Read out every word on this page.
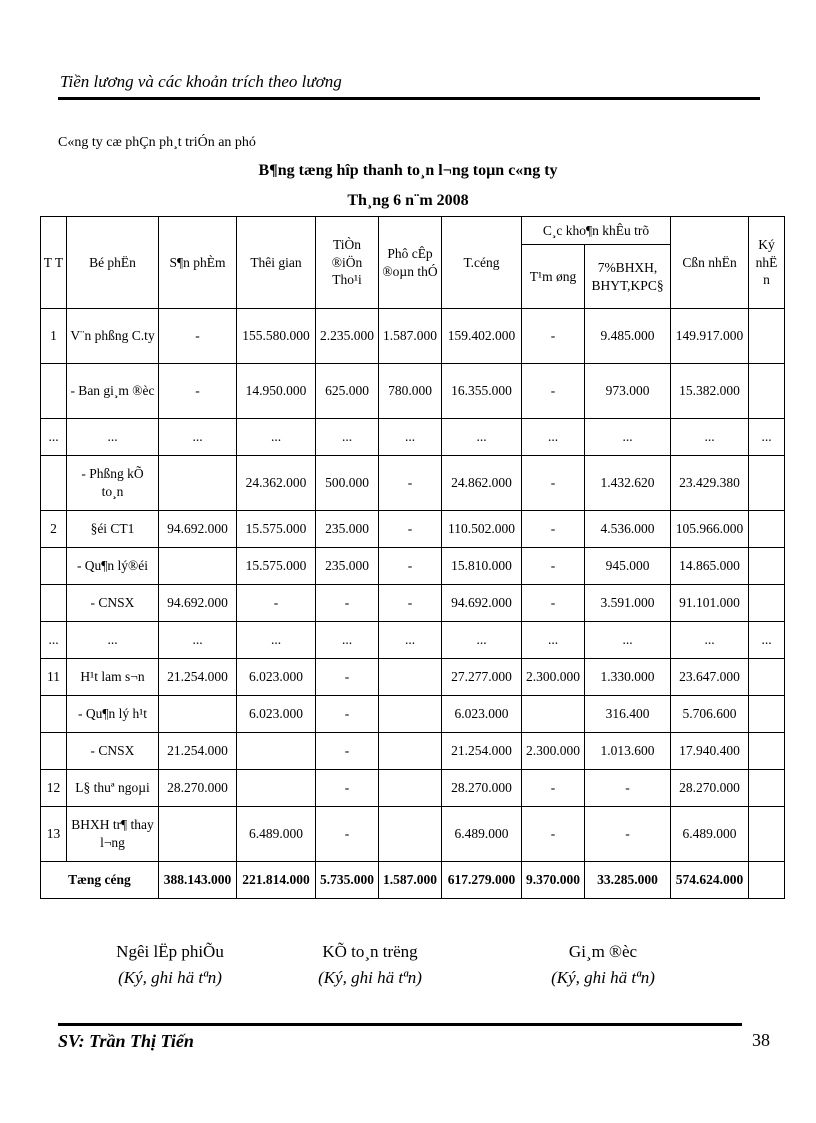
Tiền lương và các khoản trích theo lương
C«ng ty cæ phÇn ph¸t triÓn an phó
B¶ng tæng hîp thanh to¸n l¬ng toµn c«ng ty
Th¸ng 6 n¨m 2008
T T	Bé phËn	S¶n phÈm	Thêi gian	TiÒn ®iÖn Tho¹i	Phô cÊp ®oµn thÓ	T.céng	C¸c kho¶n khÊu trõ		Cßn nhËn	Ký nhË n
							T¹m øng	7%BHXH, BHYT,KPC§		
1	V¨n phßng C.ty	-	155.580.000	2.235.000	1.587.000	159.402.000	-	9.485.000	149.917.000	
	- Ban gi¸m ®èc	-	14.950.000	625.000	780.000	16.355.000	-	973.000	15.382.000	
...	...	...	...	...	...	...	...	...	...	...
	- Phßng kÕ to¸n		24.362.000	500.000	-	24.862.000	-	1.432.620	23.429.380	
2	§éi CT1	94.692.000	15.575.000	235.000	-	110.502.000	-	4.536.000	105.966.000	
	- Qu¶n lý®éi		15.575.000	235.000	-	15.810.000	-	945.000	14.865.000	
	- CNSX	94.692.000	-	-	-	94.692.000	-	3.591.000	91.101.000	
...	...	...	...	...	...	...	...	...	...	...
11	H¹t lam s¬n	21.254.000	6.023.000	-		27.277.000	2.300.000	1.330.000	23.647.000	
	- Qu¶n lý h¹t		6.023.000	-		6.023.000		316.400	5.706.600	
	- CNSX	21.254.000		-		21.254.000	2.300.000	1.013.600	17.940.400	
12	L§ thuª ngoµi	28.270.000		-		28.270.000	-	-	28.270.000	
13	BHXH tr¶ thay l¬ng		6.489.000	-		6.489.000	-	-	6.489.000	
Tæng céng		388.143.000	221.814.000	5.735.000	1.587.000	617.279.000	9.370.000	33.285.000	574.624.000	
Ngêi lËp phiÕu
(Ký, ghi hä tªn)
KÕ to¸n trëng
(Ký, ghi hä tªn)
Gi¸m ®èc
(Ký, ghi hä tªn)
SV: Trần Thị Tiến	38
